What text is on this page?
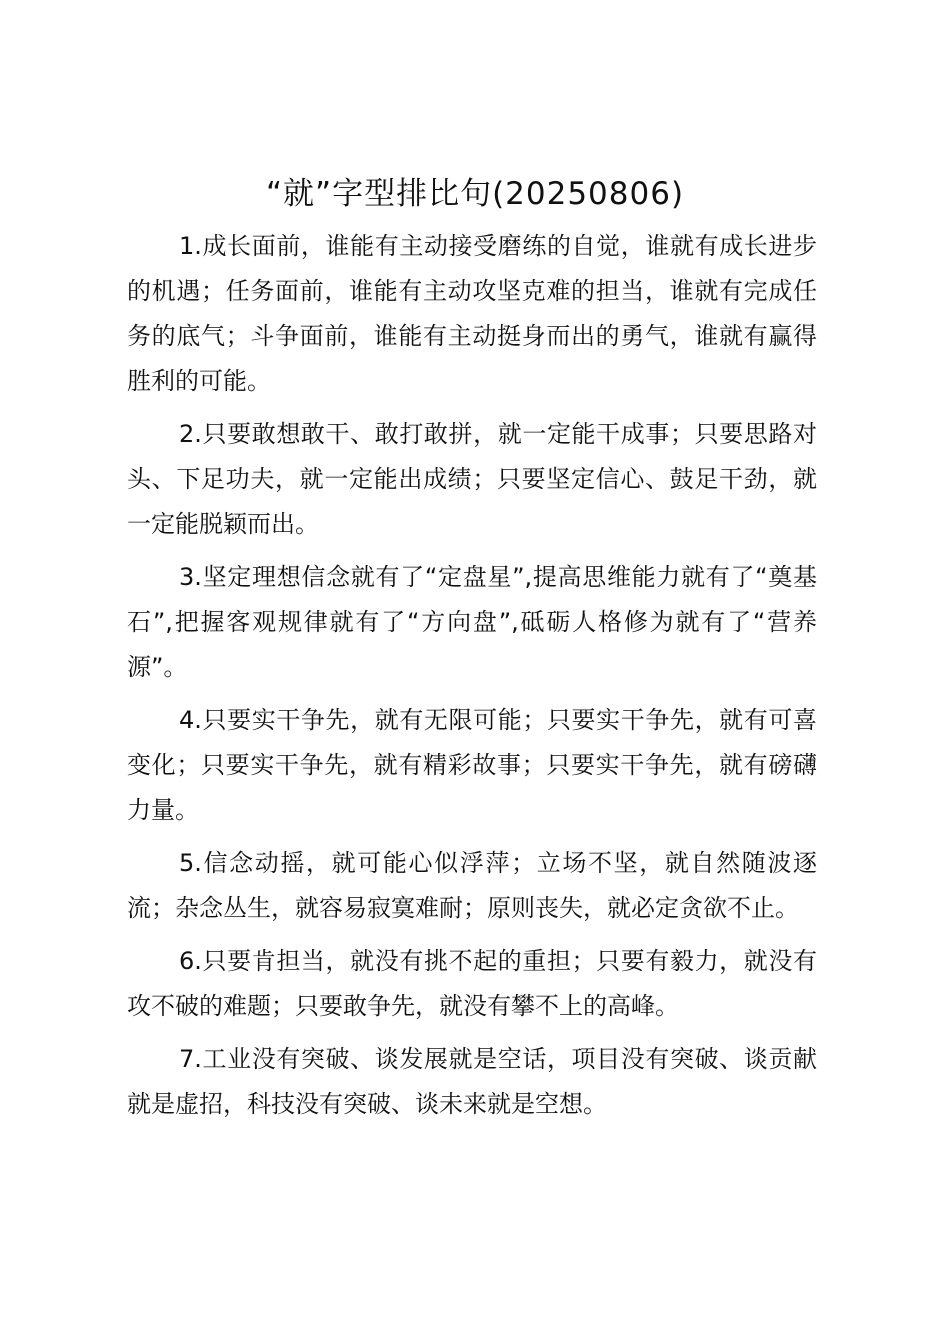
“就”字型排比句(20250806)

1.成长面前，谁能有主动接受磨练的自觉，谁就有成长进步的机遇；任务面前，谁能有主动攻坚克难的担当，谁就有完成任务的底气；斗争面前，谁能有主动挺身而出的勇气，谁就有赢得胜利的可能。

2.只要敢想敢干、敢打敢拼，就一定能干成事；只要思路对头、下足功夫，就一定能出成绩；只要坚定信心、鼓足干劲，就一定能脱颖而出。

3.坚定理想信念就有了“定盘星”,提高思维能力就有了“奠基石”,把握客观规律就有了“方向盘”,砥砺人格修为就有了“营养源”。

4.只要实干争先，就有无限可能；只要实干争先，就有可喜变化；只要实干争先，就有精彩故事；只要实干争先，就有磅礴力量。

5.信念动摇，就可能心似浮萍；立场不坚，就自然随波逐流；杂念丛生，就容易寂寞难耐；原则丧失，就必定贪欲不止。

6.只要肯担当，就没有挑不起的重担；只要有毅力，就没有攻不破的难题；只要敢争先，就没有攀不上的高峰。

7.工业没有突破、谈发展就是空话，项目没有突破、谈贡献就是虚招，科技没有突破、谈未来就是空想。
